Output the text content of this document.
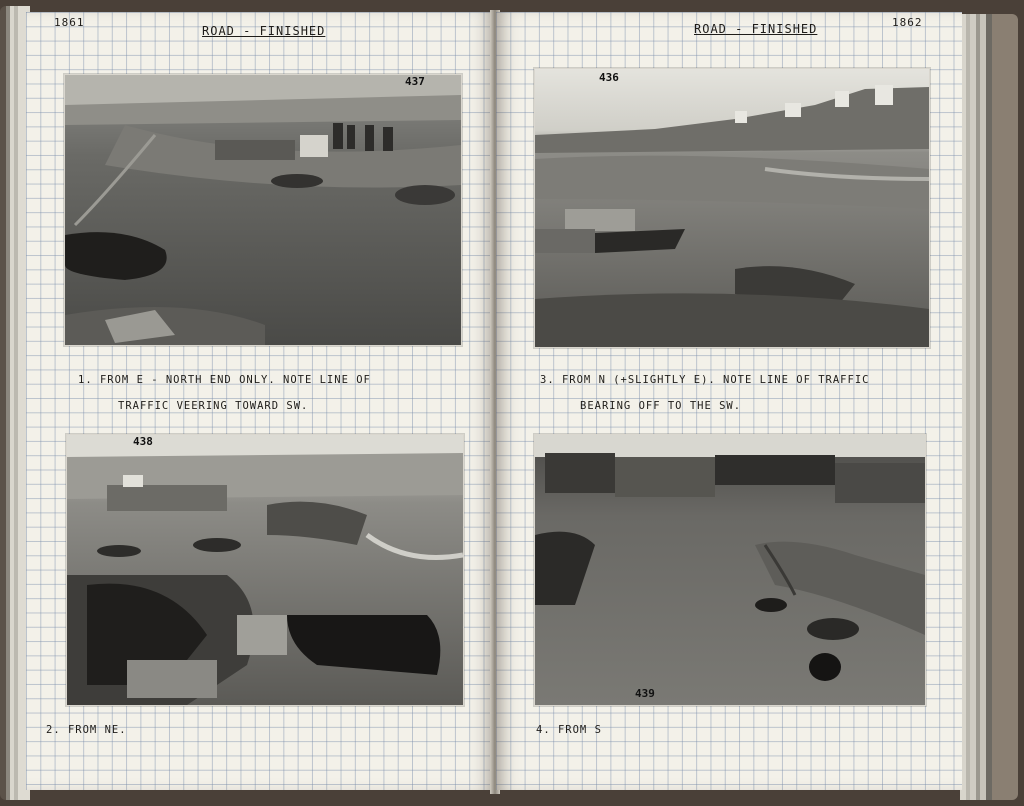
1861
ROAD - FINISHED
437
1. FROM E - NORTH END ONLY. NOTE LINE OF
TRAFFIC VEERING TOWARD SW.
438
2. FROM NE.
ROAD - FINISHED	1862
436
3. FROM N (+SLIGHTLY E). NOTE LINE OF TRAFFIC
BEARING OFF TO THE SW.
439
4. FROM S
